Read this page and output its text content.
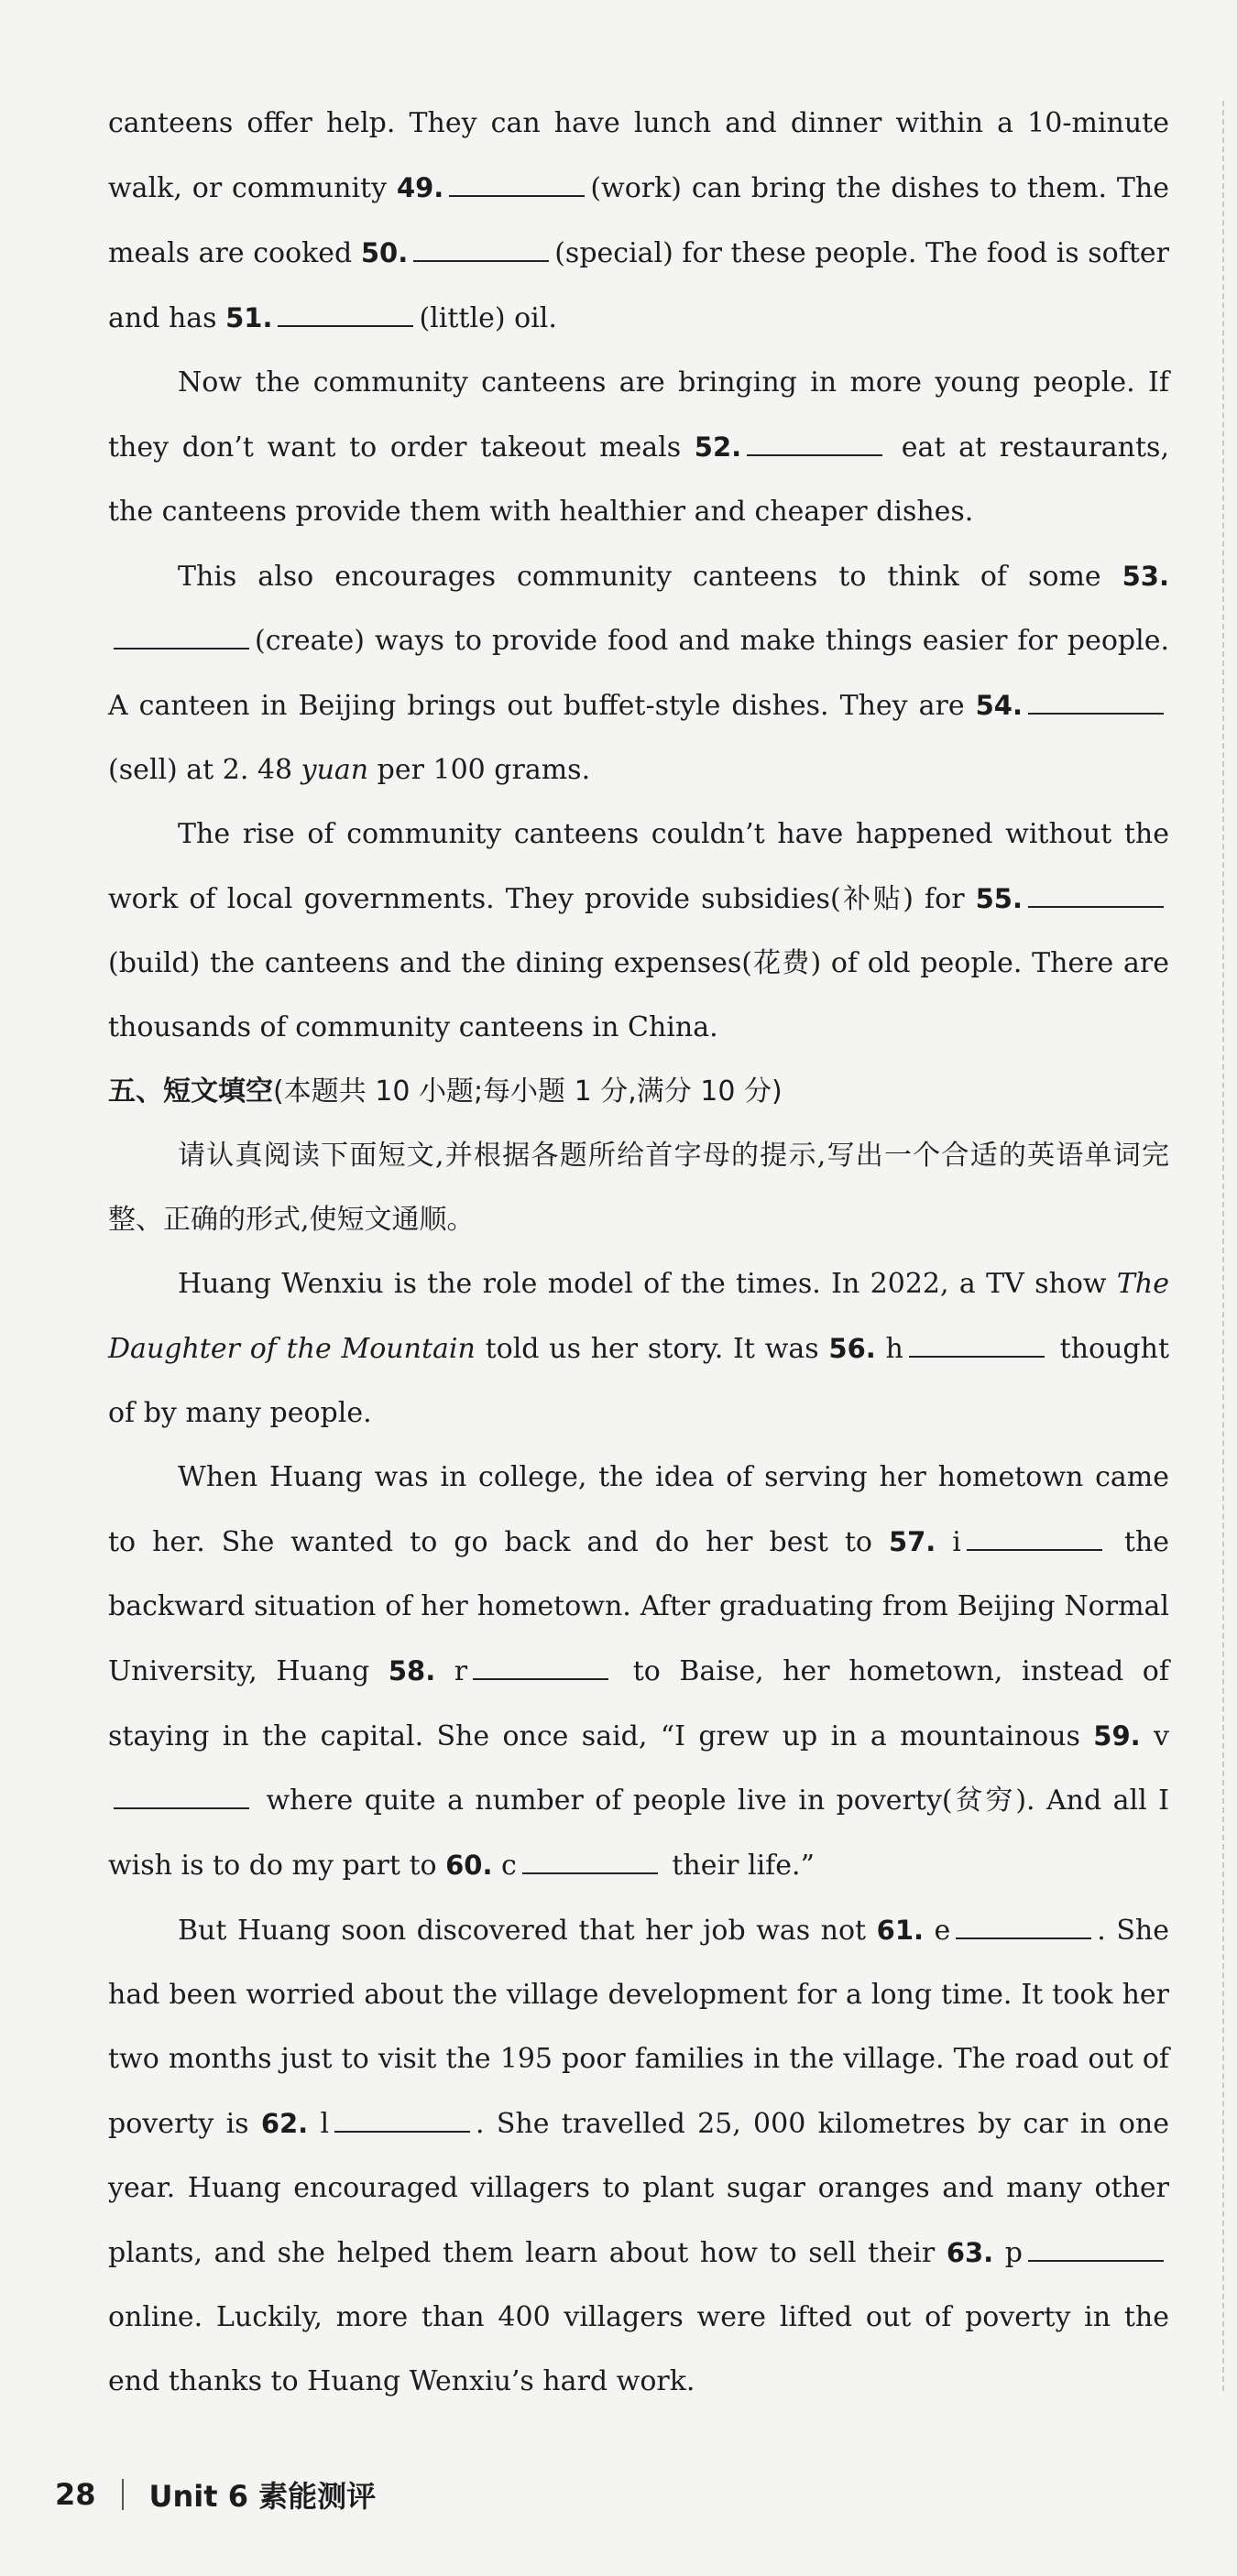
canteens offer help. They can have lunch and dinner within a 10-minute walk, or community 49.	(work) can bring the dishes to them. The meals are cooked 50.	(special) for these people. The food is softer and has 51.	(little) oil.

Now the community canteens are bringing in more young people. If they don’t want to order takeout meals 52.	eat at restaurants, the canteens provide them with healthier and cheaper dishes.

This also encourages community canteens to think of some 53.(create) ways to provide food and make things easier for people. A canteen in Beijing brings out buffet-style dishes. They are 54.(sell) at 2. 48 yuan per 100 grams.

The rise of community canteens couldn’t have happened without the work of local governments. They provide subsidies(补贴) for 55.(build) the canteens and the dining expenses(花费) of old people. There are thousands of community canteens in China.

五、短文填空(本题共 10 小题;每小题 1 分,满分 10 分)

请认真阅读下面短文,并根据各题所给首字母的提示,写出一个合适的英语单词完整、正确的形式,使短文通顺。

Huang Wenxiu is the role model of the times. In 2022, a TV show The Daughter of the Mountain told us her story. It was 56. h	thought of by many people.

When Huang was in college, the idea of serving her hometown came to her. She wanted to go back and do her best to 57. i	the backward situation of her hometown. After graduating from Beijing Normal University, Huang 58. r	to Baise, her hometown, instead of staying in the capital. She once said, “I grew up in a mountainous 59. v where quite a number of people live in poverty(贫穷). And all I wish is to do my part to 60. c	their life.”

But Huang soon discovered that her job was not 61. e	. She had been worried about the village development for a long time. It took her two months just to visit the 195 poor families in the village. The road out of poverty is 62. l	. She travelled 25, 000 kilometres by car in one year. Huang encouraged villagers to plant sugar oranges and many other plants, and she helped them learn about how to sell their 63. p online. Luckily, more than 400 villagers were lifted out of poverty in the end thanks to Huang Wenxiu’s hard work.

28 Unit 6 素能测评
